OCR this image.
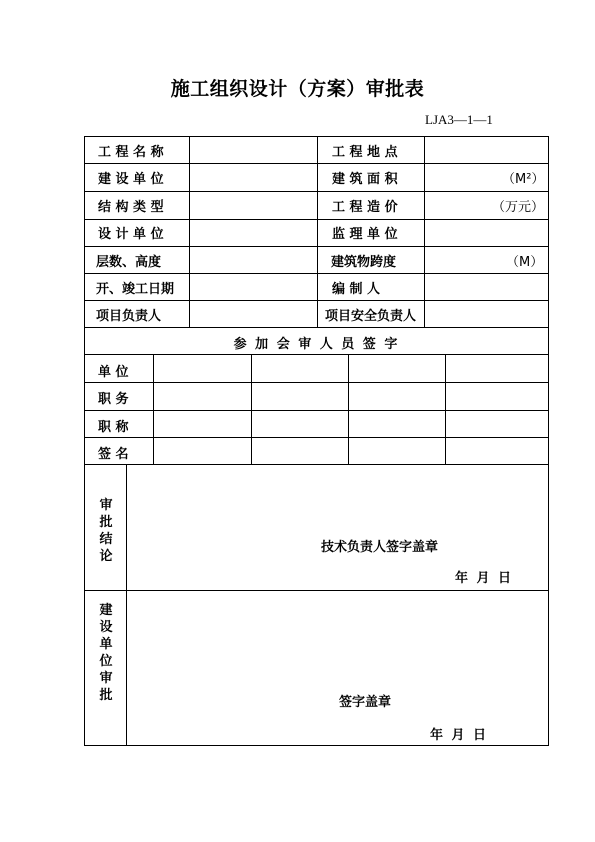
施工组织设计（方案）审批表
LJA3—1—1
工 程 名 称	工 程 地 点
建 设 单 位	建 筑 面 积	（M²）
结 构 类 型	工 程 造 价	（万元）
设 计 单 位	监 理 单 位
层数、高度	建筑物跨度	（M）
开、竣工日期	编 制 人
项目负责人	项目安全负责人
参 加 会 审 人 员 签 字
单 位
职 务
职 称
签 名
审批结论
技术负责人签字盖章
年 月 日
建设单位审批	签字盖章
年 月 日
